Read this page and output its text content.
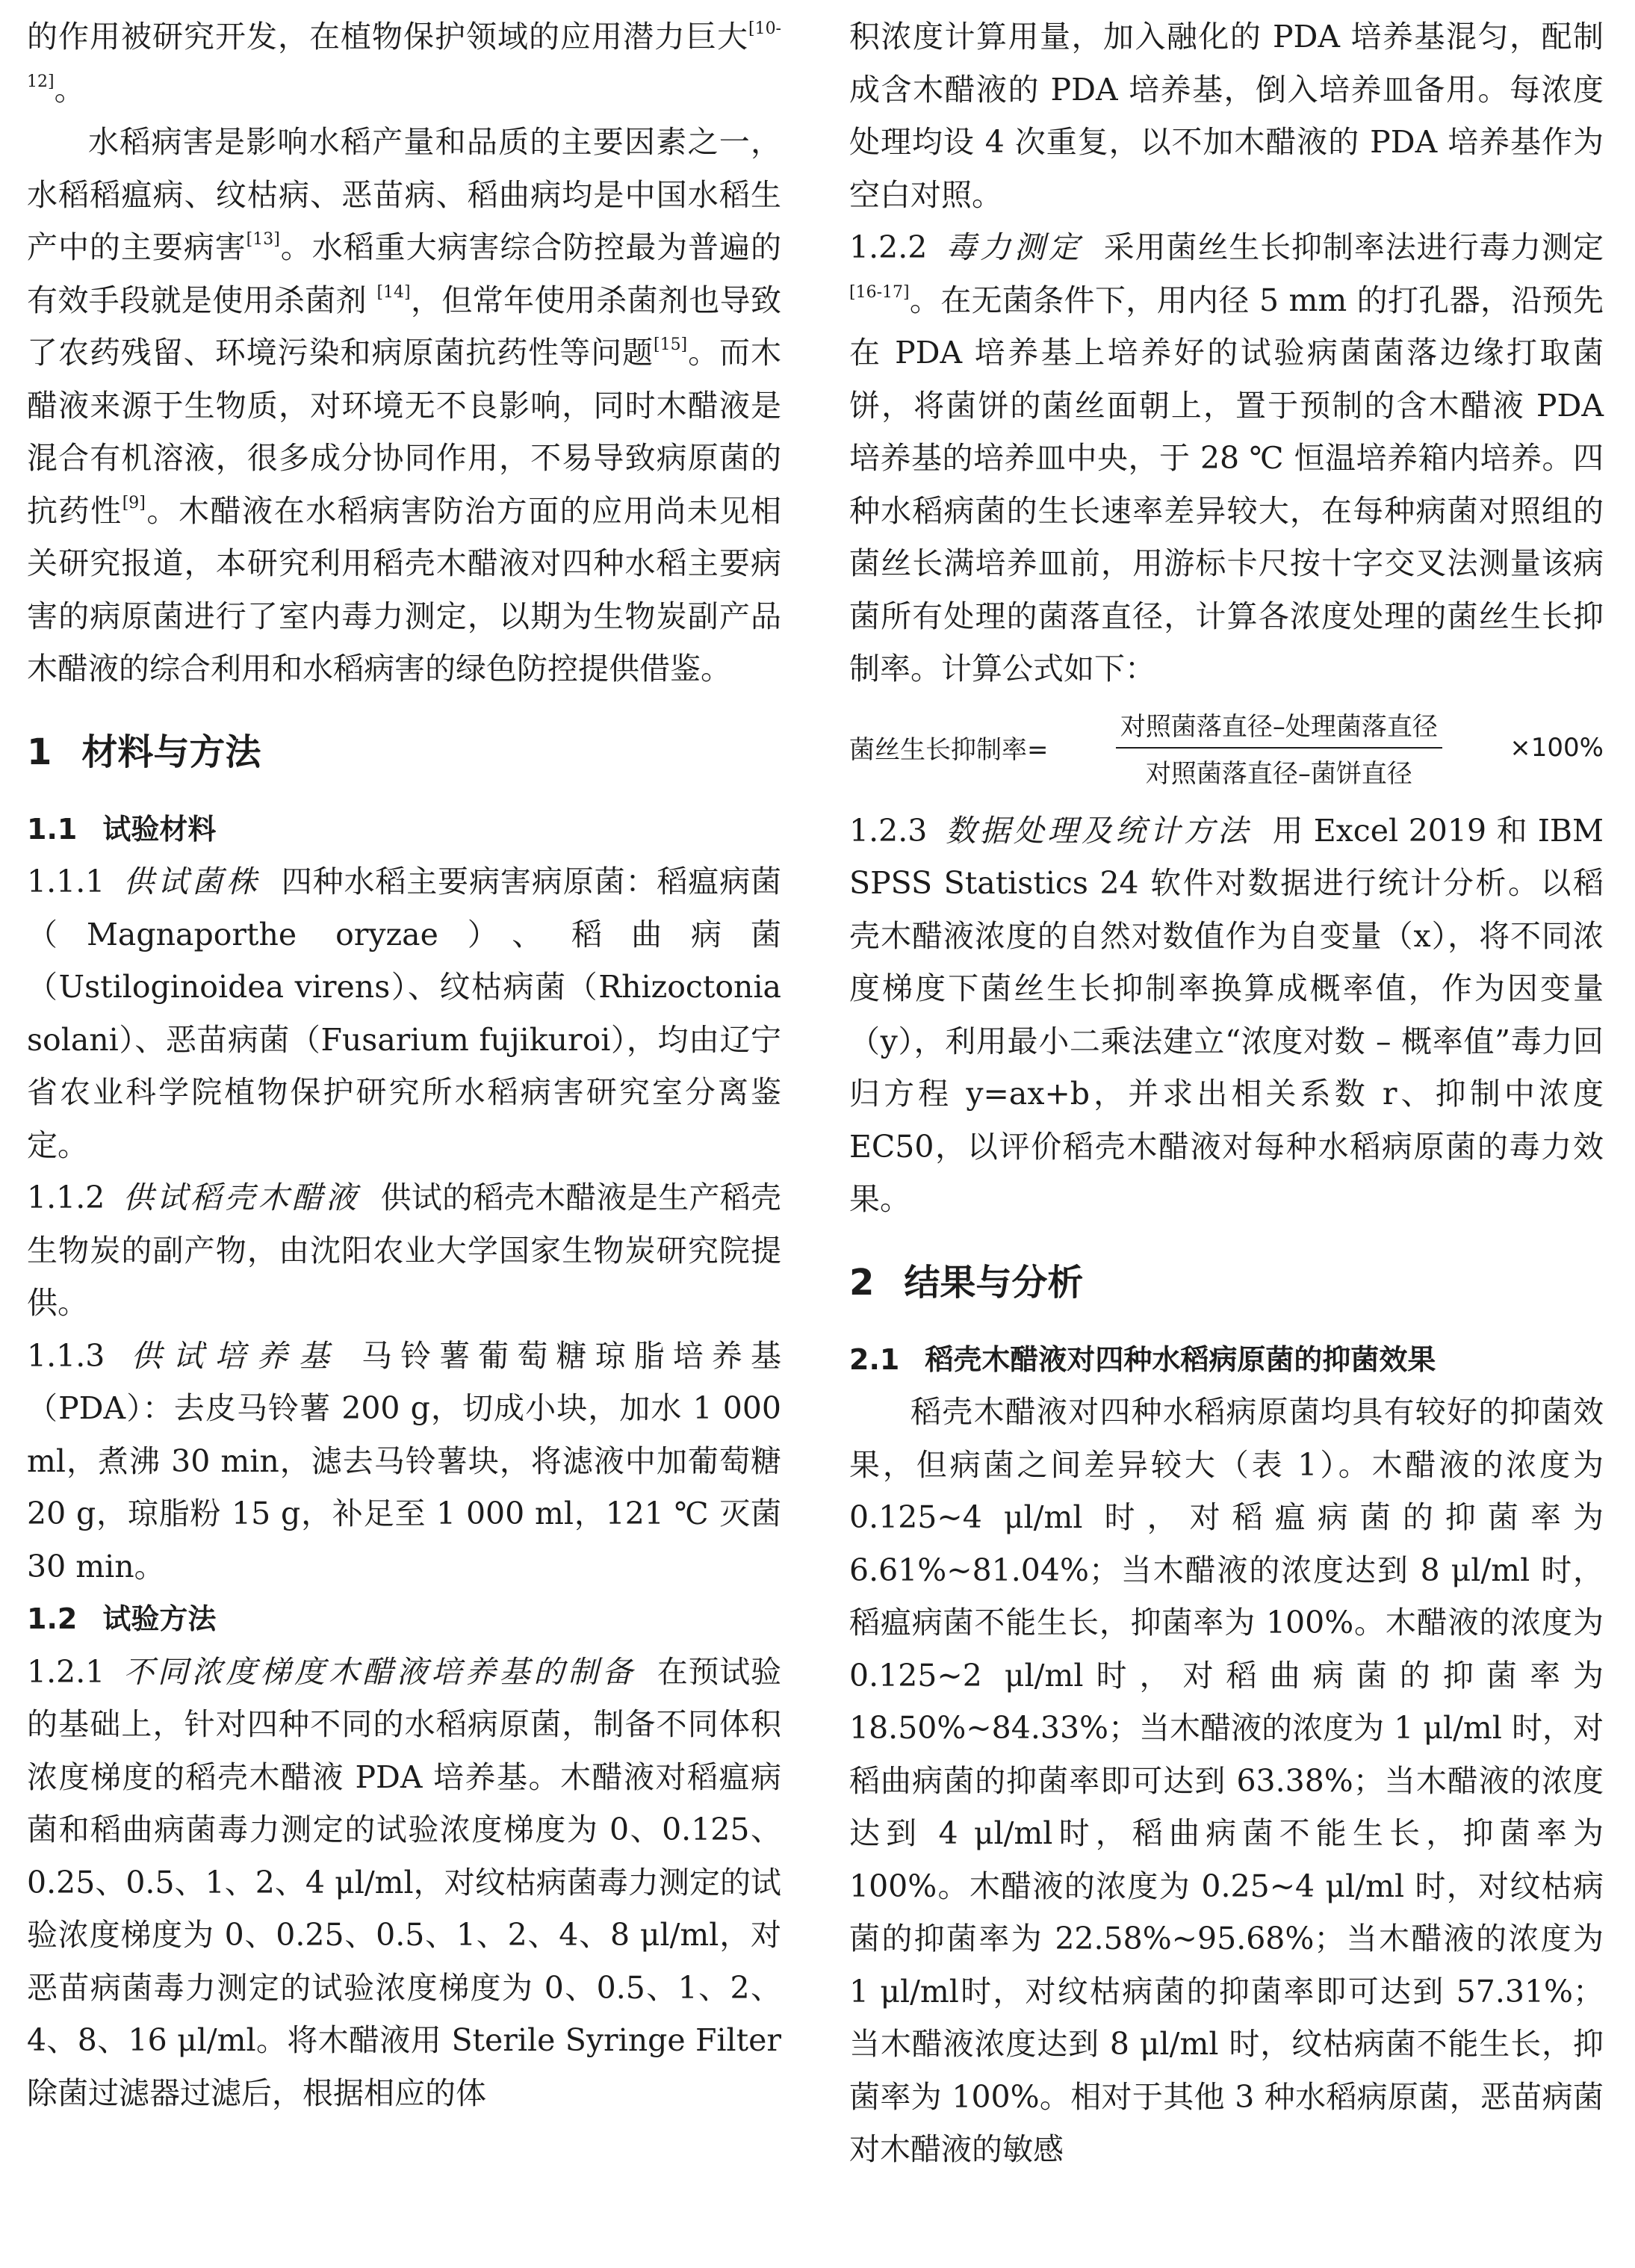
的作用被研究开发，在植物保护领域的应用潜力巨大[10-12]。

水稻病害是影响水稻产量和品质的主要因素之一，水稻稻瘟病、纹枯病、恶苗病、稻曲病均是中国水稻生产中的主要病害[13]。水稻重大病害综合防控最为普遍的有效手段就是使用杀菌剂 [14]，但常年使用杀菌剂也导致了农药残留、环境污染和病原菌抗药性等问题[15]。而木醋液来源于生物质，对环境无不良影响，同时木醋液是混合有机溶液，很多成分协同作用，不易导致病原菌的抗药性[9]。木醋液在水稻病害防治方面的应用尚未见相关研究报道，本研究利用稻壳木醋液对四种水稻主要病害的病原菌进行了室内毒力测定，以期为生物炭副产品木醋液的综合利用和水稻病害的绿色防控提供借鉴。

1 材料与方法
1.1 试验材料

1.1.1 供试菌株 四种水稻主要病害病原菌：稻瘟病菌（Magnaporthe oryzae）、稻曲病菌（Ustiloginoidea virens）、纹枯病菌（Rhizoctonia solani）、恶苗病菌（Fusarium fujikuroi），均由辽宁省农业科学院植物保护研究所水稻病害研究室分离鉴定。

1.1.2 供试稻壳木醋液 供试的稻壳木醋液是生产稻壳生物炭的副产物，由沈阳农业大学国家生物炭研究院提供。

1.1.3 供试培养基 马铃薯葡萄糖琼脂培养基（PDA）：去皮马铃薯 200 g，切成小块，加水 1 000 ml，煮沸 30 min，滤去马铃薯块，将滤液中加葡萄糖 20 g，琼脂粉 15 g，补足至 1 000 ml，121 ℃ 灭菌 30 min。

1.2 试验方法

1.2.1 不同浓度梯度木醋液培养基的制备 在预试验的基础上，针对四种不同的水稻病原菌，制备不同体积浓度梯度的稻壳木醋液 PDA 培养基。木醋液对稻瘟病菌和稻曲病菌毒力测定的试验浓度梯度为 0、0.125、0.25、0.5、1、2、4 μl/ml，对纹枯病菌毒力测定的试验浓度梯度为 0、0.25、0.5、1、2、4、8 μl/ml，对恶苗病菌毒力测定的试验浓度梯度为 0、0.5、1、2、4、8、16 μl/ml。将木醋液用 Sterile Syringe Filter 除菌过滤器过滤后，根据相应的体

积浓度计算用量，加入融化的 PDA 培养基混匀，配制成含木醋液的 PDA 培养基，倒入培养皿备用。每浓度处理均设 4 次重复，以不加木醋液的 PDA 培养基作为空白对照。

1.2.2 毒力测定 采用菌丝生长抑制率法进行毒力测定[16-17]。在无菌条件下，用内径 5 mm 的打孔器，沿预先在 PDA 培养基上培养好的试验病菌菌落边缘打取菌饼，将菌饼的菌丝面朝上，置于预制的含木醋液 PDA 培养基的培养皿中央，于 28 ℃ 恒温培养箱内培养。四种水稻病菌的生长速率差异较大，在每种病菌对照组的菌丝长满培养皿前，用游标卡尺按十字交叉法测量该病菌所有处理的菌落直径，计算各浓度处理的菌丝生长抑制率。计算公式如下：

菌丝生长抑制率= $\frac{\text{对照菌落直径–处理菌落直径}}{\text{对照菌落直径–菌饼直径}} \times 100\%$

1.2.3 数据处理及统计方法 用 Excel 2019 和 IBM SPSS Statistics 24 软件对数据进行统计分析。以稻壳木醋液浓度的自然对数值作为自变量（x），将不同浓度梯度下菌丝生长抑制率换算成概率值，作为因变量（y），利用最小二乘法建立“浓度对数 – 概率值”毒力回归方程 y=ax+b，并求出相关系数 r、抑制中浓度 EC50，以评价稻壳木醋液对每种水稻病原菌的毒力效果。

2 结果与分析
2.1 稻壳木醋液对四种水稻病原菌的抑菌效果

稻壳木醋液对四种水稻病原菌均具有较好的抑菌效果，但病菌之间差异较大（表 1）。木醋液的浓度为 0.125~4 μl/ml 时，对稻瘟病菌的抑菌率为 6.61%~81.04%；当木醋液的浓度达到 8 μl/ml 时，稻瘟病菌不能生长，抑菌率为 100%。木醋液的浓度为 0.125~2 μl/ml时，对稻曲病菌的抑菌率为 18.50%~84.33%；当木醋液的浓度为 1 μl/ml 时，对稻曲病菌的抑菌率即可达到 63.38%；当木醋液的浓度达到 4 μl/ml时，稻曲病菌不能生长，抑菌率为 100%。木醋液的浓度为 0.25~4 μl/ml 时，对纹枯病菌的抑菌率为 22.58%~95.68%；当木醋液的浓度为 1 μl/ml时，对纹枯病菌的抑菌率即可达到 57.31%；当木醋液浓度达到 8 μl/ml 时，纹枯病菌不能生长，抑菌率为 100%。相对于其他 3 种水稻病原菌，恶苗病菌对木醋液的敏感
